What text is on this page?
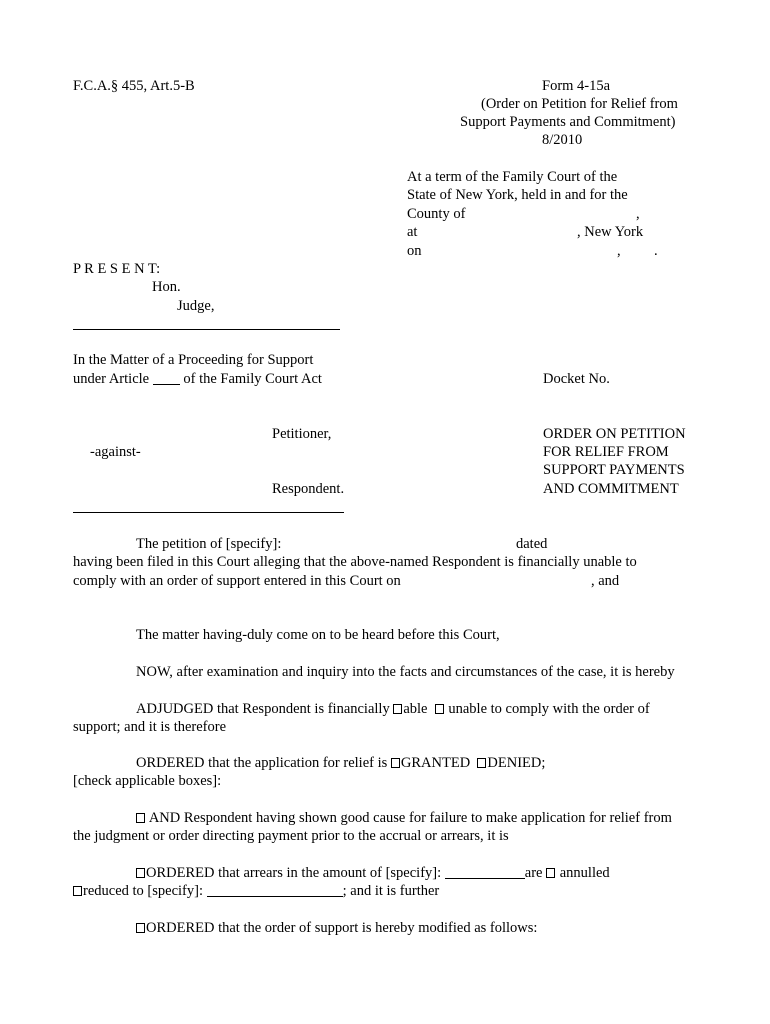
F.C.A.§ 455, Art.5-B	Form 4-15a
(Order on Petition for Relief from
Support Payments and Commitment)
8/2010
At a term of the Family Court of the
State of New York, held in and for the
County of	,
at	, New York
on	, .
P R E S E N T:
Hon.
Judge,
In the Matter of a Proceeding for Support
under Article of the Family Court Act	Docket No.
Petitioner,
-against-
Respondent.
ORDER ON PETITION
FOR RELIEF FROM
SUPPORT PAYMENTS
AND COMMITMENT
The petition of [specify]:	dated
having been filed in this Court alleging that the above-named Respondent is financially unable to
comply with an order of support entered in this Court on	, and
The matter having-duly come on to be heard before this Court,
NOW, after examination and inquiry into the facts and circumstances of the case, it is hereby
ADJUDGED that Respondent is financially able unable to comply with the order of
support; and it is therefore
ORDERED that the application for relief is GRANTED DENIED;
[check applicable boxes]:
AND Respondent having shown good cause for failure to make application for relief from
the judgment or order directing payment prior to the accrual or arrears, it is
ORDERED that arrears in the amount of [specify]:	are annulled
reduced to [specify]:	; and it is further
ORDERED that the order of support is hereby modified as follows:
